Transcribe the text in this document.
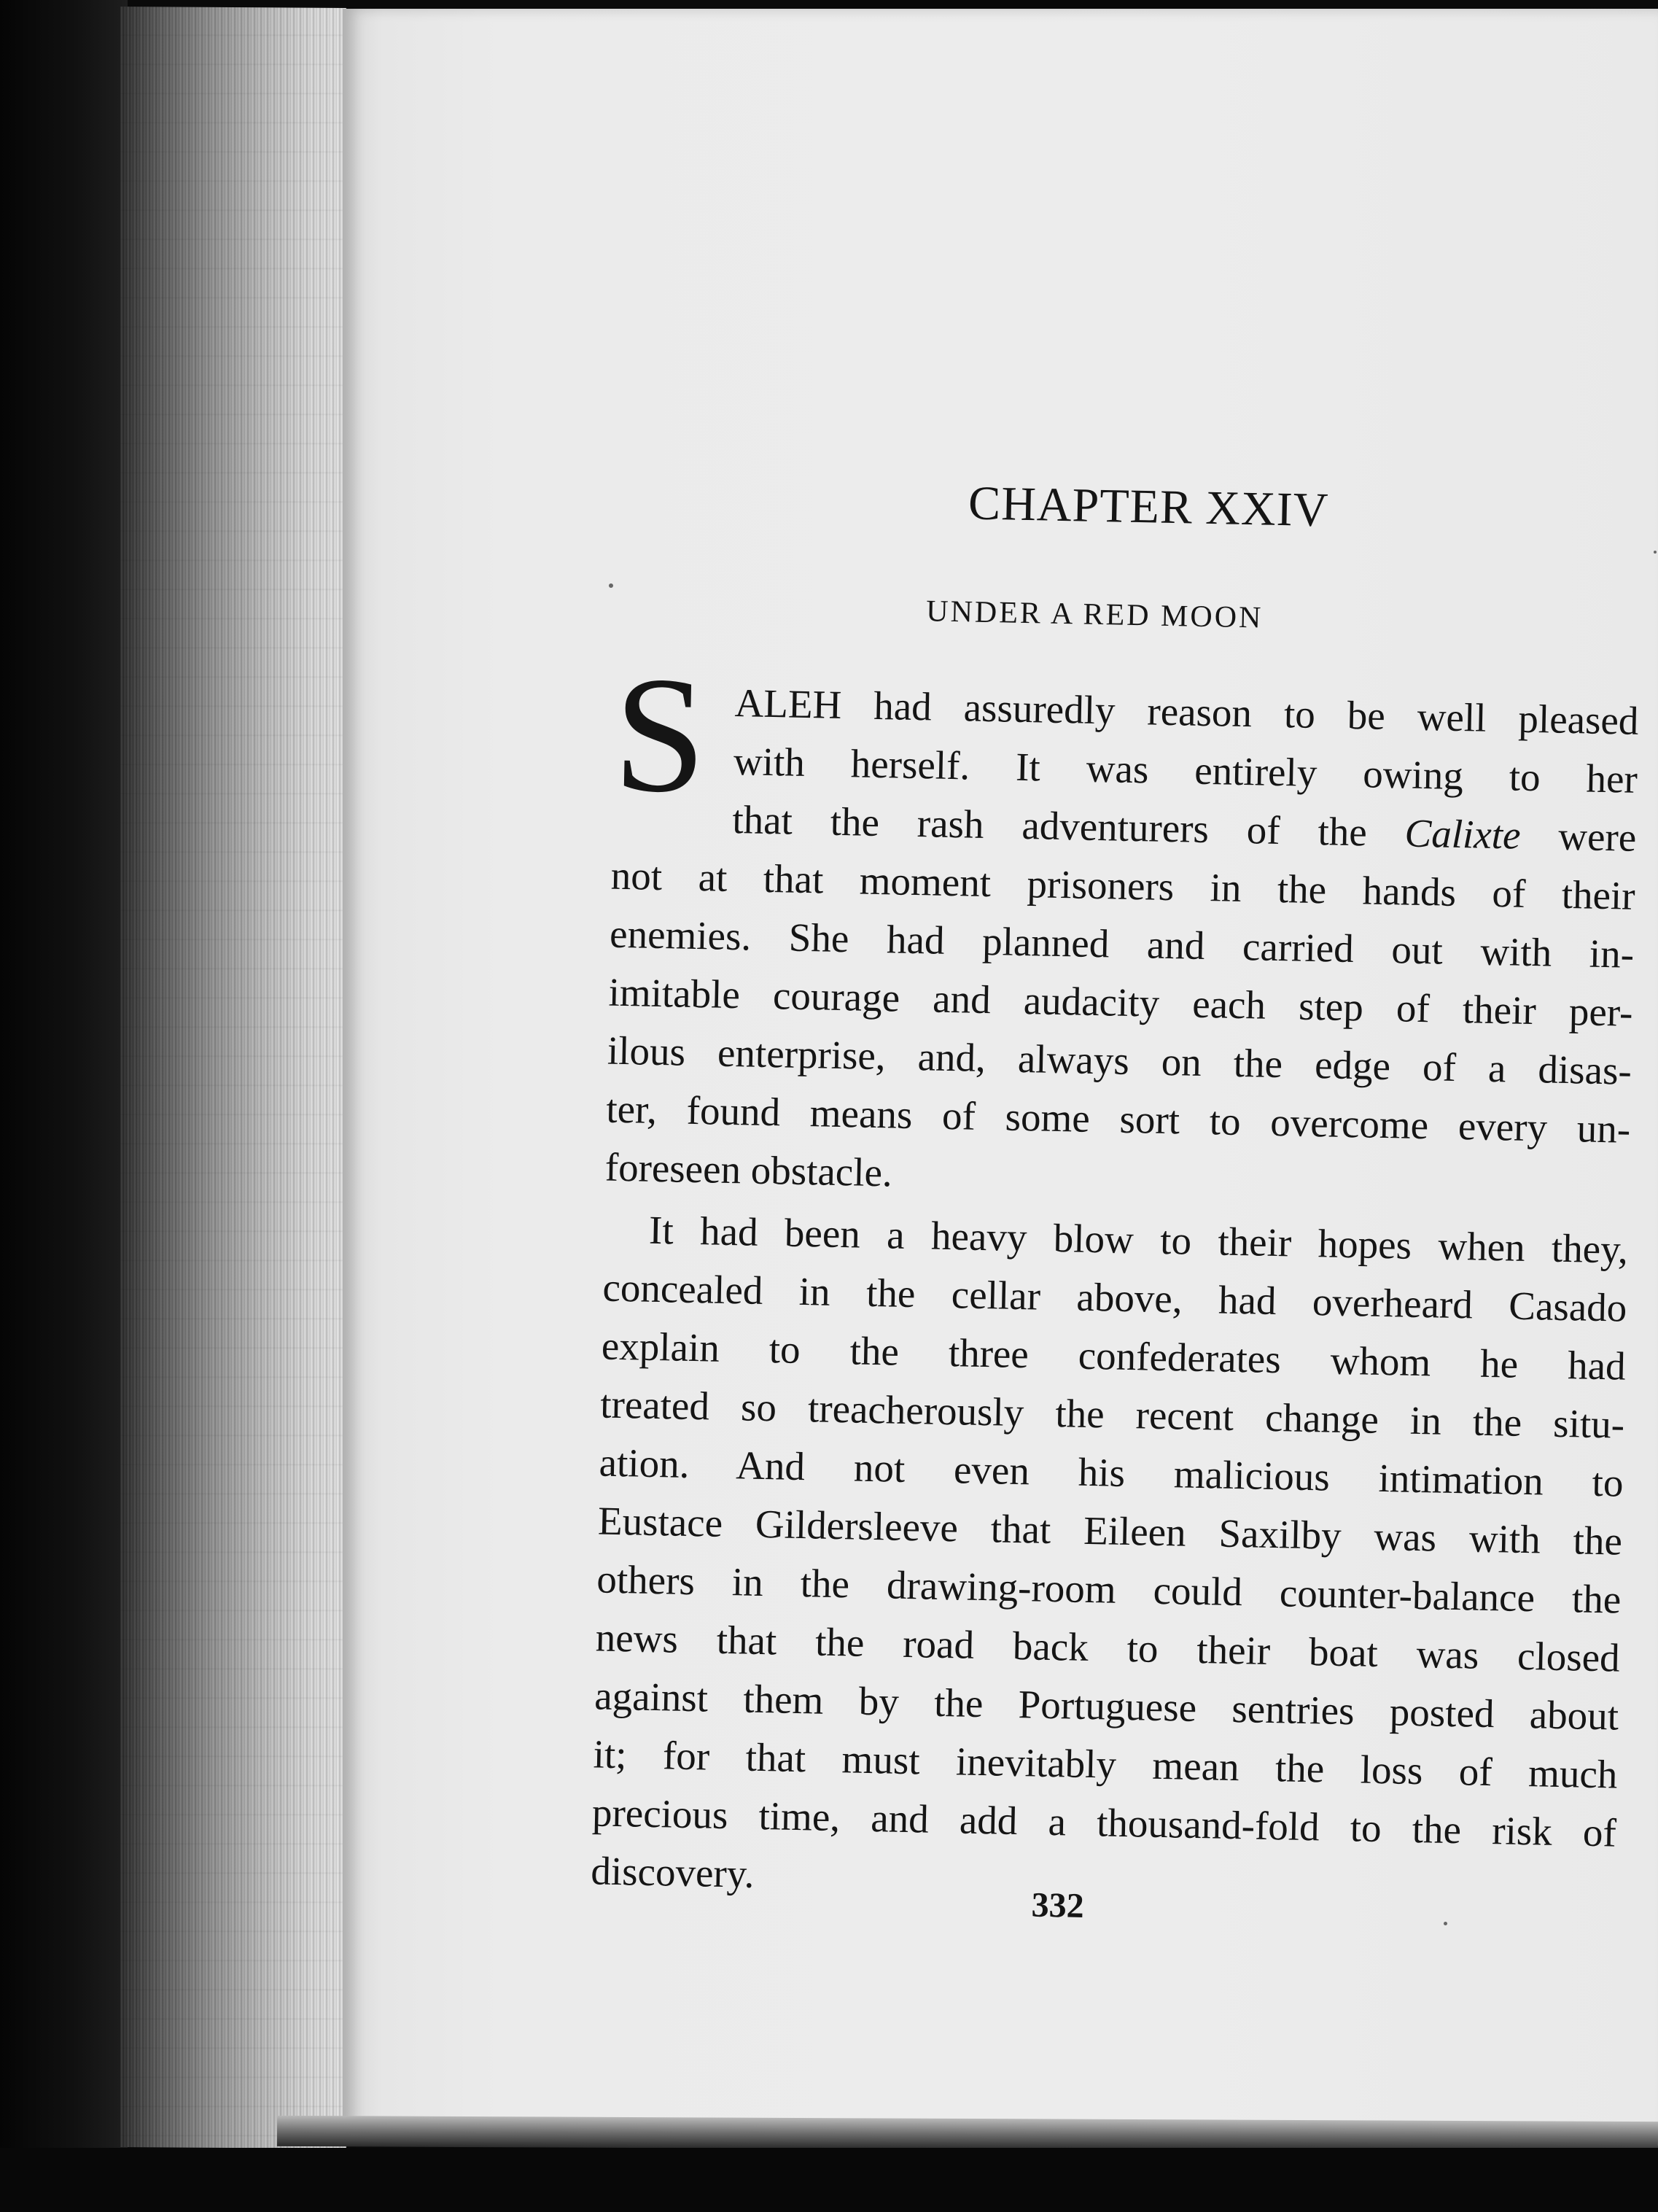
CHAPTER XXIV
UNDER A RED MOON
S ALEH had assuredly reason to be well pleased
with herself. It was entirely owing to her
that the rash adventurers of the Calixte were
not at that moment prisoners in the hands of their
enemies. She had planned and carried out with in-
imitable courage and audacity each step of their per-
ilous enterprise, and, always on the edge of a disas-
ter, found means of some sort to overcome every un-
foreseen obstacle.
It had been a heavy blow to their hopes when they,
concealed in the cellar above, had overheard Casado
explain to the three confederates whom he had
treated so treacherously the recent change in the situ-
ation. And not even his malicious intimation to
Eustace Gildersleeve that Eileen Saxilby was with the
others in the drawing-room could counter-balance the
news that the road back to their boat was closed
against them by the Portuguese sentries posted about
it; for that must inevitably mean the loss of much
precious time, and add a thousand-fold to the risk of
discovery.
332
